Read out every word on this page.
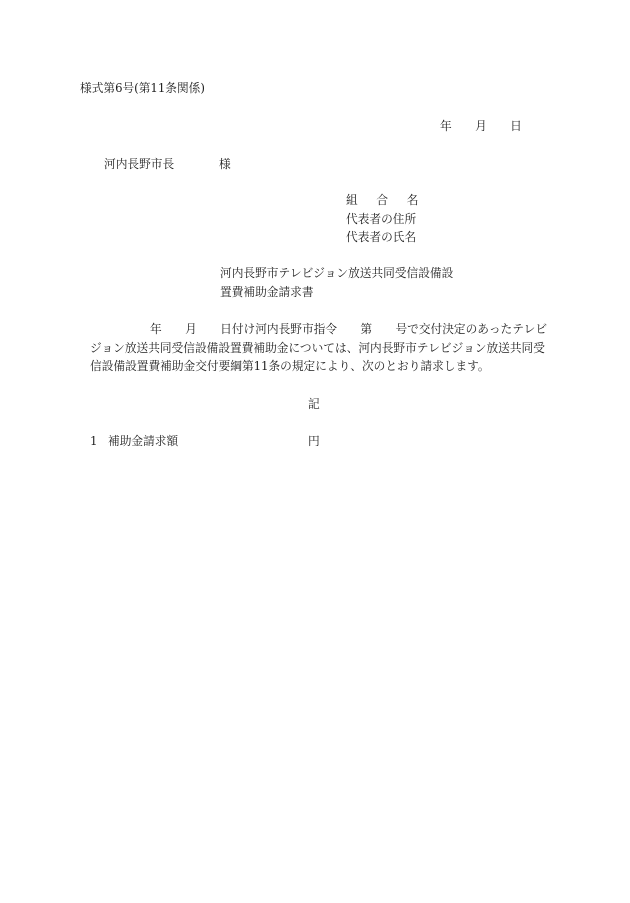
様式第6号(第11条関係)

年　　月　　日

河内長野市長	様

組　合　名

代表者の住所

代表者の氏名

河内長野市テレビジョン放送共同受信設備設

置費補助金請求書

年　　月　　日付け河内長野市指令　　第　　号で交付決定のあったテレビ

ジョン放送共同受信設備設置費補助金については、河内長野市テレビジョン放送共同受

信設備設置費補助金交付要綱第11条の規定により、次のとおり請求します。

記

1 補助金請求額	円
